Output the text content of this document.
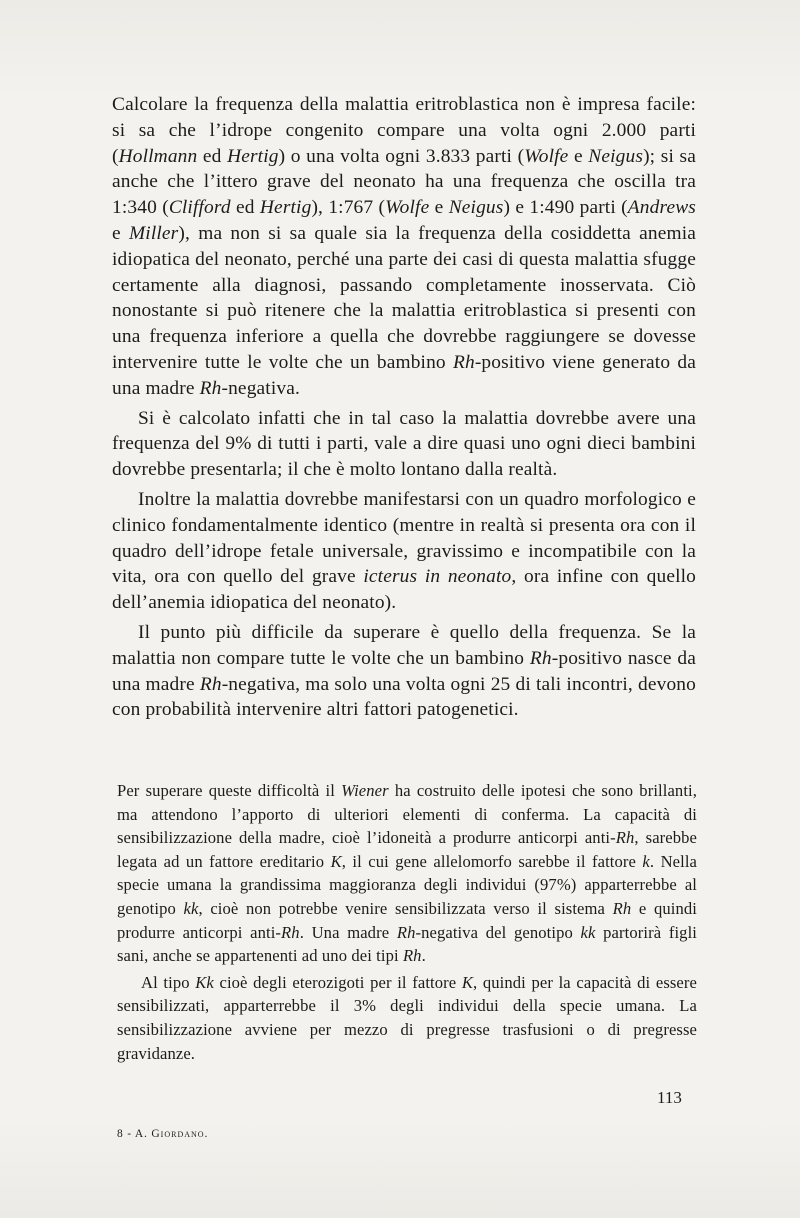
Calcolare la frequenza della malattia eritroblastica non è impresa facile: si sa che l’idrope congenito compare una volta ogni 2.000 parti (Hollmann ed Hertig) o una volta ogni 3.833 parti (Wolfe e Neigus); si sa anche che l’ittero grave del neonato ha una frequenza che oscilla tra 1:340 (Clifford ed Hertig), 1:767 (Wolfe e Neigus) e 1:490 parti (Andrews e Miller), ma non si sa quale sia la frequenza della cosiddetta anemia idiopatica del neonato, perché una parte dei casi di questa malattia sfugge certamente alla diagnosi, passando completamente inosservata. Ciò nonostante si può ritenere che la malattia eritroblastica si presenti con una frequenza inferiore a quella che dovrebbe raggiungere se dovesse intervenire tutte le volte che un bambino Rh-positivo viene generato da una madre Rh-negativa.

Si è calcolato infatti che in tal caso la malattia dovrebbe avere una frequenza del 9% di tutti i parti, vale a dire quasi uno ogni dieci bambini dovrebbe presentarla; il che è molto lontano dalla realtà.

Inoltre la malattia dovrebbe manifestarsi con un quadro morfologico e clinico fondamentalmente identico (mentre in realtà si presenta ora con il quadro dell’idrope fetale universale, gravissimo e incompatibile con la vita, ora con quello del grave icterus in neonato, ora infine con quello dell’anemia idiopatica del neonato).

Il punto più difficile da superare è quello della frequenza. Se la malattia non compare tutte le volte che un bambino Rh-positivo nasce da una madre Rh-negativa, ma solo una volta ogni 25 di tali incontri, devono con probabilità intervenire altri fattori patogenetici.

Per superare queste difficoltà il Wiener ha costruito delle ipotesi che sono brillanti, ma attendono l’apporto di ulteriori elementi di conferma. La capacità di sensibilizzazione della madre, cioè l’idoneità a produrre anticorpi anti-Rh, sarebbe legata ad un fattore ereditario K, il cui gene allelomorfo sarebbe il fattore k. Nella specie umana la grandissima maggioranza degli individui (97%) apparterrebbe al genotipo kk, cioè non potrebbe venire sensibilizzata verso il sistema Rh e quindi produrre anticorpi anti-Rh. Una madre Rh-negativa del genotipo kk partorirà figli sani, anche se appartenenti ad uno dei tipi Rh.

Al tipo Kk cioè degli eterozigoti per il fattore K, quindi per la capacità di essere sensibilizzati, apparterrebbe il 3% degli individui della specie umana. La sensibilizzazione avviene per mezzo di pregresse trasfusioni o di pregresse gravidanze.

113
8 - A. Giordano.
